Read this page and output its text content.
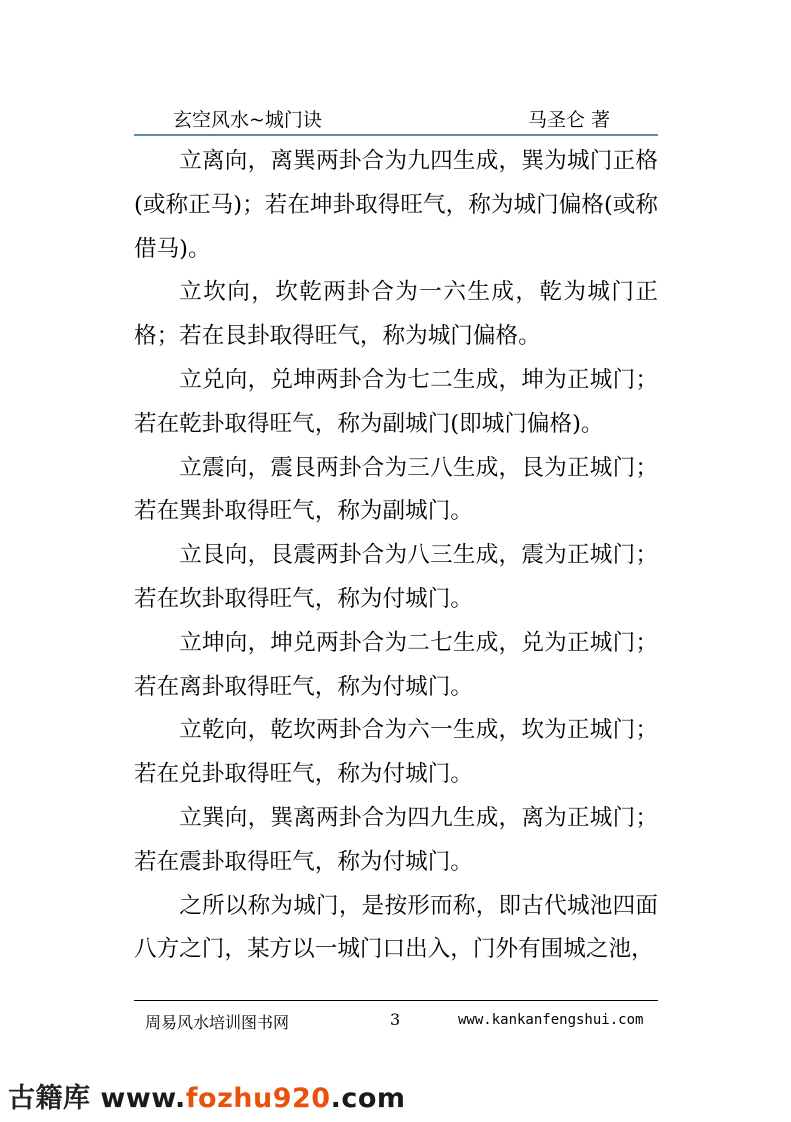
玄空风水~城门诀	马圣仑 著

立离向，离巽两卦合为九四生成，巽为城门正格(或称正马)；若在坤卦取得旺气，称为城门偏格(或称借马)。

立坎向，坎乾两卦合为一六生成，乾为城门正格；若在艮卦取得旺气，称为城门偏格。

立兑向，兑坤两卦合为七二生成，坤为正城门；若在乾卦取得旺气，称为副城门(即城门偏格)。

立震向，震艮两卦合为三八生成，艮为正城门；若在巽卦取得旺气，称为副城门。

立艮向，艮震两卦合为八三生成，震为正城门；若在坎卦取得旺气，称为付城门。

立坤向，坤兑两卦合为二七生成，兑为正城门；若在离卦取得旺气，称为付城门。

立乾向，乾坎两卦合为六一生成，坎为正城门；若在兑卦取得旺气，称为付城门。

立巽向，巽离两卦合为四九生成，离为正城门；若在震卦取得旺气，称为付城门。

之所以称为城门，是按形而称，即古代城池四面八方之门，某方以一城门口出入，门外有围城之池，

周易风水培训图书网	3	www.kankanfengshui.com
古籍库 www.fozhu920.com
